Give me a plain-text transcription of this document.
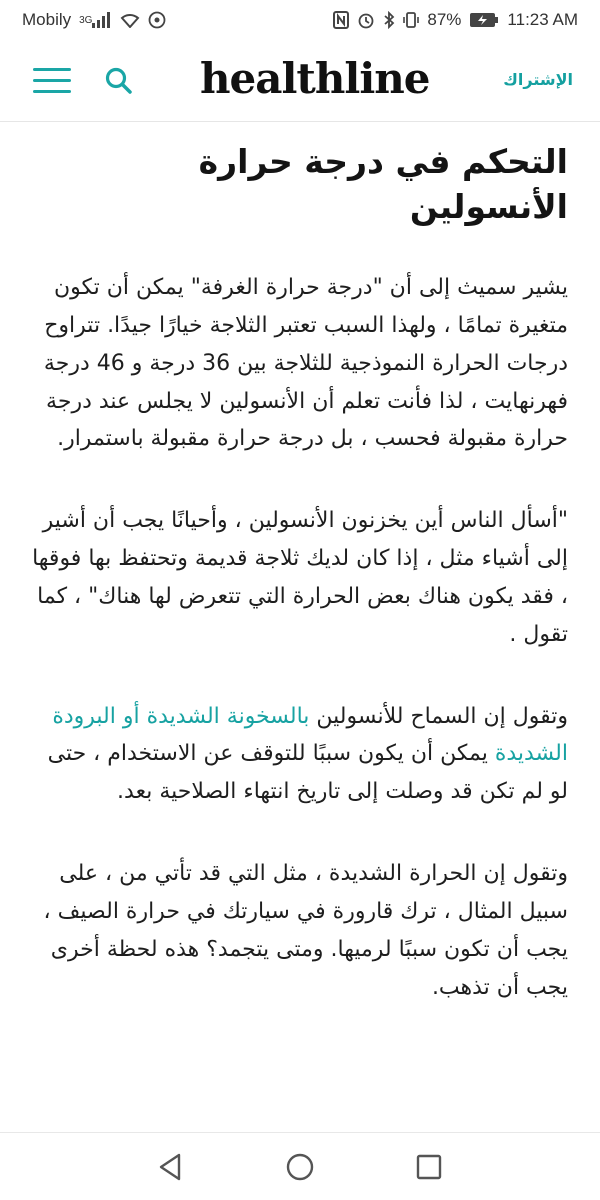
Mobily 3G	87%	11:23 AM
healthline	الإشتراك
التحكم في درجة حرارة الأنسولين

يشير سميث إلى أن "درجة حرارة الغرفة" يمكن أن تكون متغيرة تمامًا ، ولهذا السبب تعتبر الثلاجة خيارًا جيدًا. تتراوح درجات الحرارة النموذجية للثلاجة بين 36 درجة و 46 درجة فهرنهايت ، لذا فأنت تعلم أن الأنسولين لا يجلس عند درجة حرارة مقبولة فحسب ، بل درجة حرارة مقبولة باستمرار.

"أسأل الناس أين يخزنون الأنسولين ، وأحيانًا يجب أن أشير إلى أشياء مثل ، إذا كان لديك ثلاجة قديمة وتحتفظ بها فوقها ، فقد يكون هناك بعض الحرارة التي تتعرض لها هناك" ، كما تقول .

وتقول إن السماح للأنسولين بالسخونة الشديدة أو البرودة الشديدة يمكن أن يكون سببًا للتوقف عن الاستخدام ، حتى لو لم تكن قد وصلت إلى تاريخ انتهاء الصلاحية بعد.

وتقول إن الحرارة الشديدة ، مثل التي قد تأتي من ، على سبيل المثال ، ترك قارورة في سيارتك في حرارة الصيف ، يجب أن تكون سببًا لرميها. ومتى يتجمد؟ هذه لحظة أخرى يجب أن تذهب.
